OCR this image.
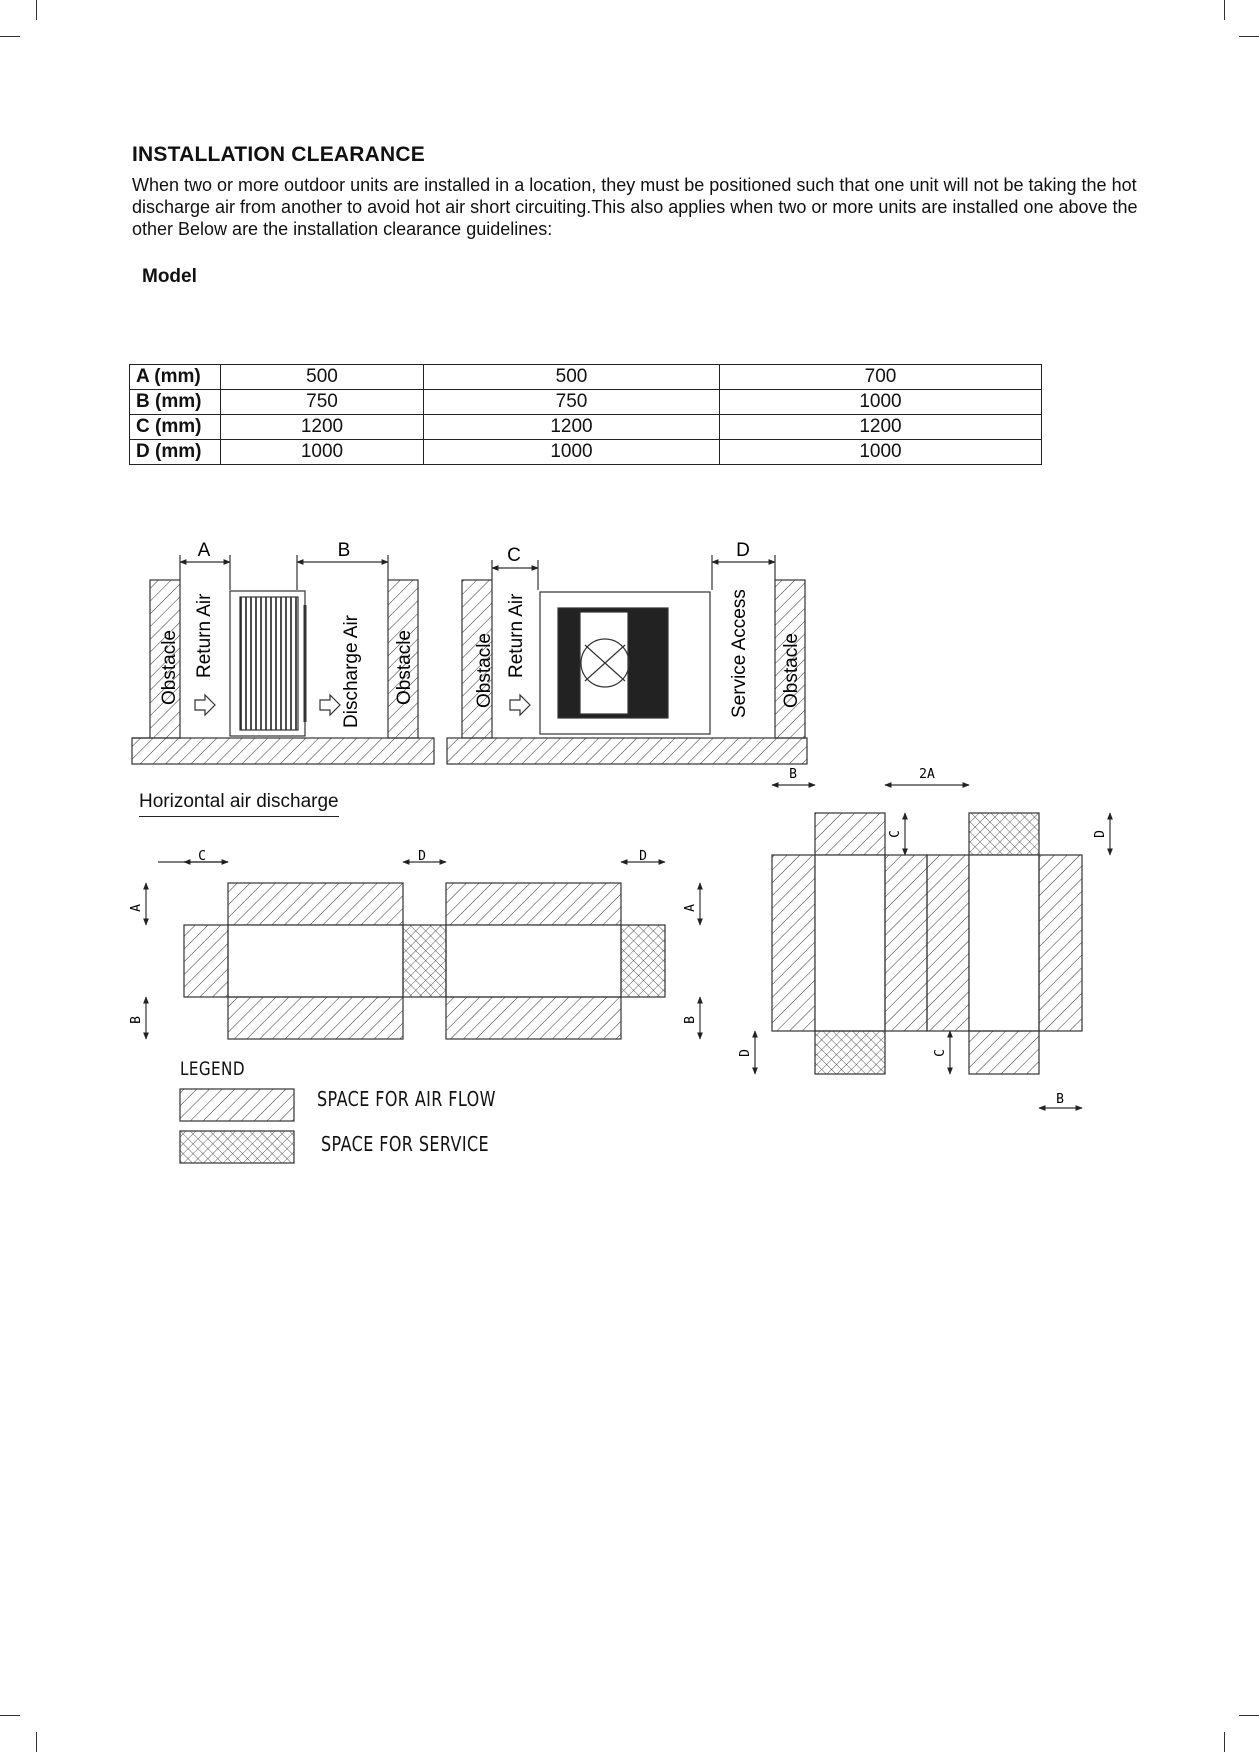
INSTALLATION CLEARANCE

When two or more outdoor units are installed in a location, they must be positioned such that one unit will not be taking the hot discharge air from another to avoid hot air short circuiting.This also applies when two or more units are installed one above the other Below are the installation clearance guidelines:

Model
A (mm)	500	500	700
B (mm)	750	750	1000
C (mm)	1200	1200	1200
D (mm)	1000	1000	1000
A	B
Obstacle Return Air	Discharge Air Obstacle
C	D
Obstacle Return Air	Service Access Obstacle
C	D	D
A
B
A
B
B	2A
C	D
D	C
B
Horizontal air discharge
LEGEND
SPACE FOR AIR FLOW
SPACE FOR SERVICE
